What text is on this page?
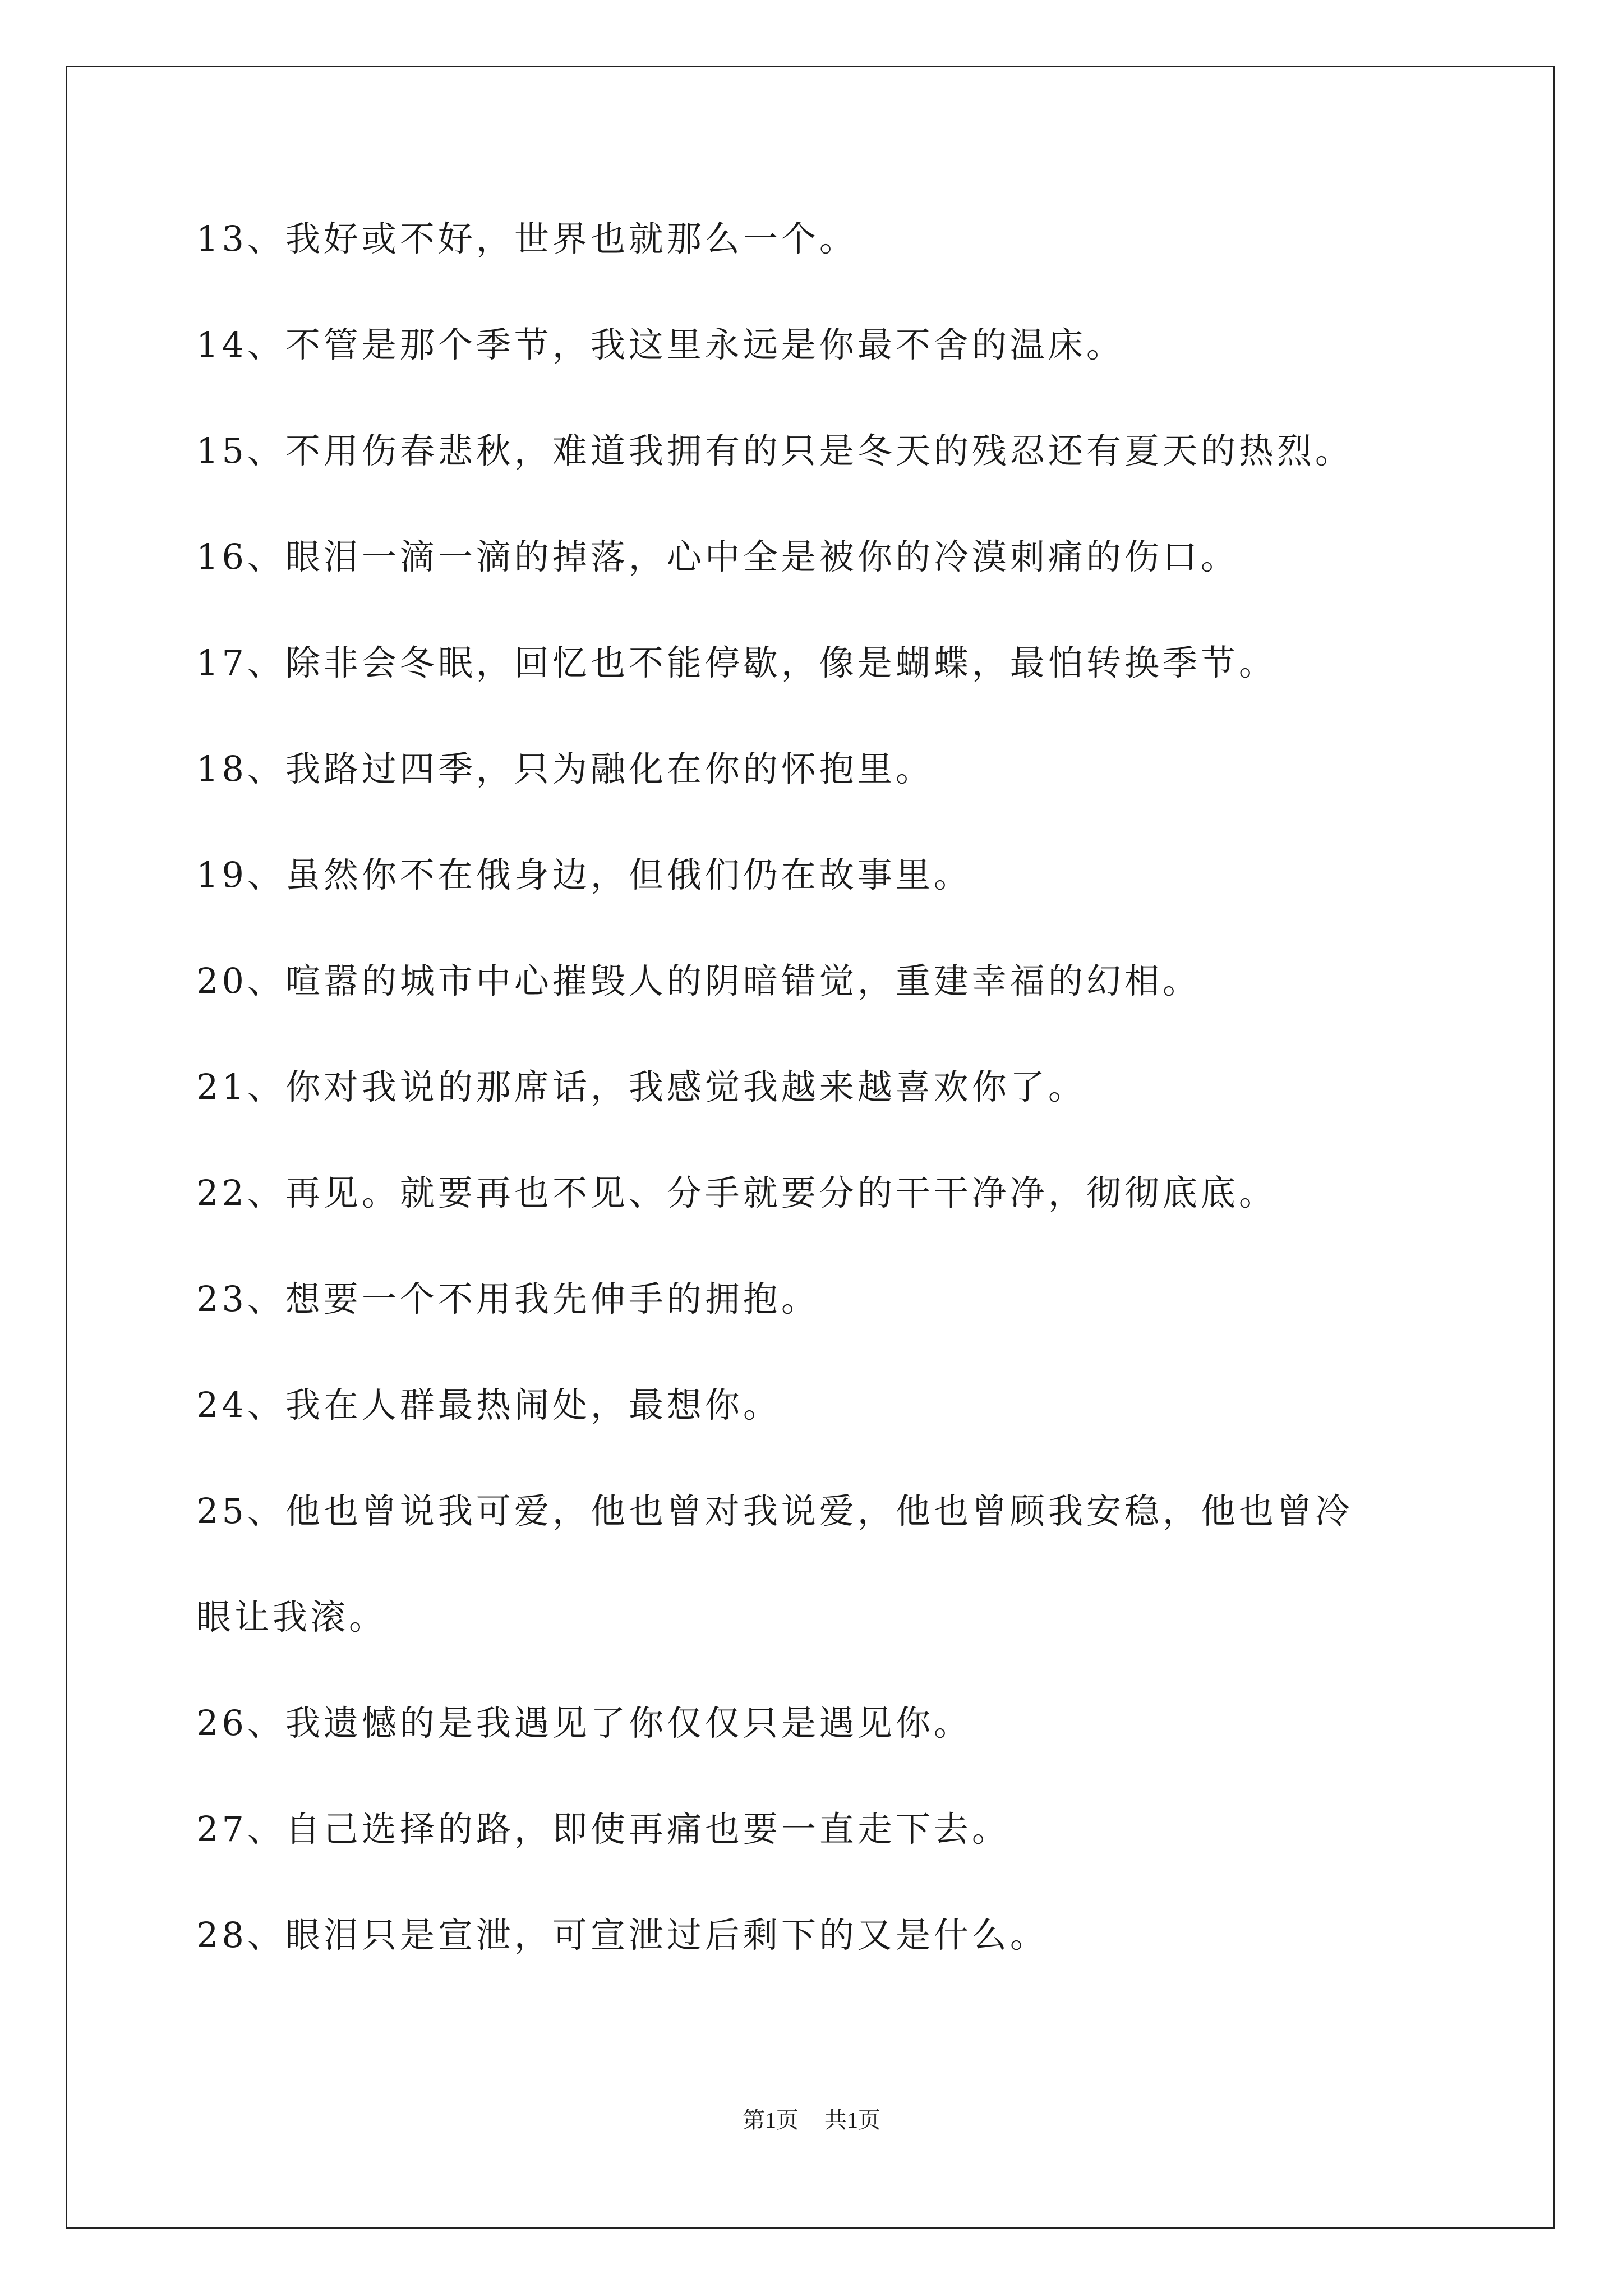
13、我好或不好，世界也就那么一个。
14、不管是那个季节，我这里永远是你最不舍的温床。
15、不用伤春悲秋，难道我拥有的只是冬天的残忍还有夏天的热烈。
16、眼泪一滴一滴的掉落，心中全是被你的冷漠刺痛的伤口。
17、除非会冬眠，回忆也不能停歇，像是蝴蝶，最怕转换季节。
18、我路过四季，只为融化在你的怀抱里。
19、虽然你不在俄身边，但俄们仍在故事里。
20、喧嚣的城市中心摧毁人的阴暗错觉，重建幸福的幻相。
21、你对我说的那席话，我感觉我越来越喜欢你了。
22、再见。就要再也不见、分手就要分的干干净净，彻彻底底。
23、想要一个不用我先伸手的拥抱。
24、我在人群最热闹处，最想你。
25、他也曾说我可爱，他也曾对我说爱，他也曾顾我安稳，他也曾冷
眼让我滚。
26、我遗憾的是我遇见了你仅仅只是遇见你。
27、自己选择的路，即使再痛也要一直走下去。
28、眼泪只是宣泄，可宣泄过后剩下的又是什么。
第1页 共1页
